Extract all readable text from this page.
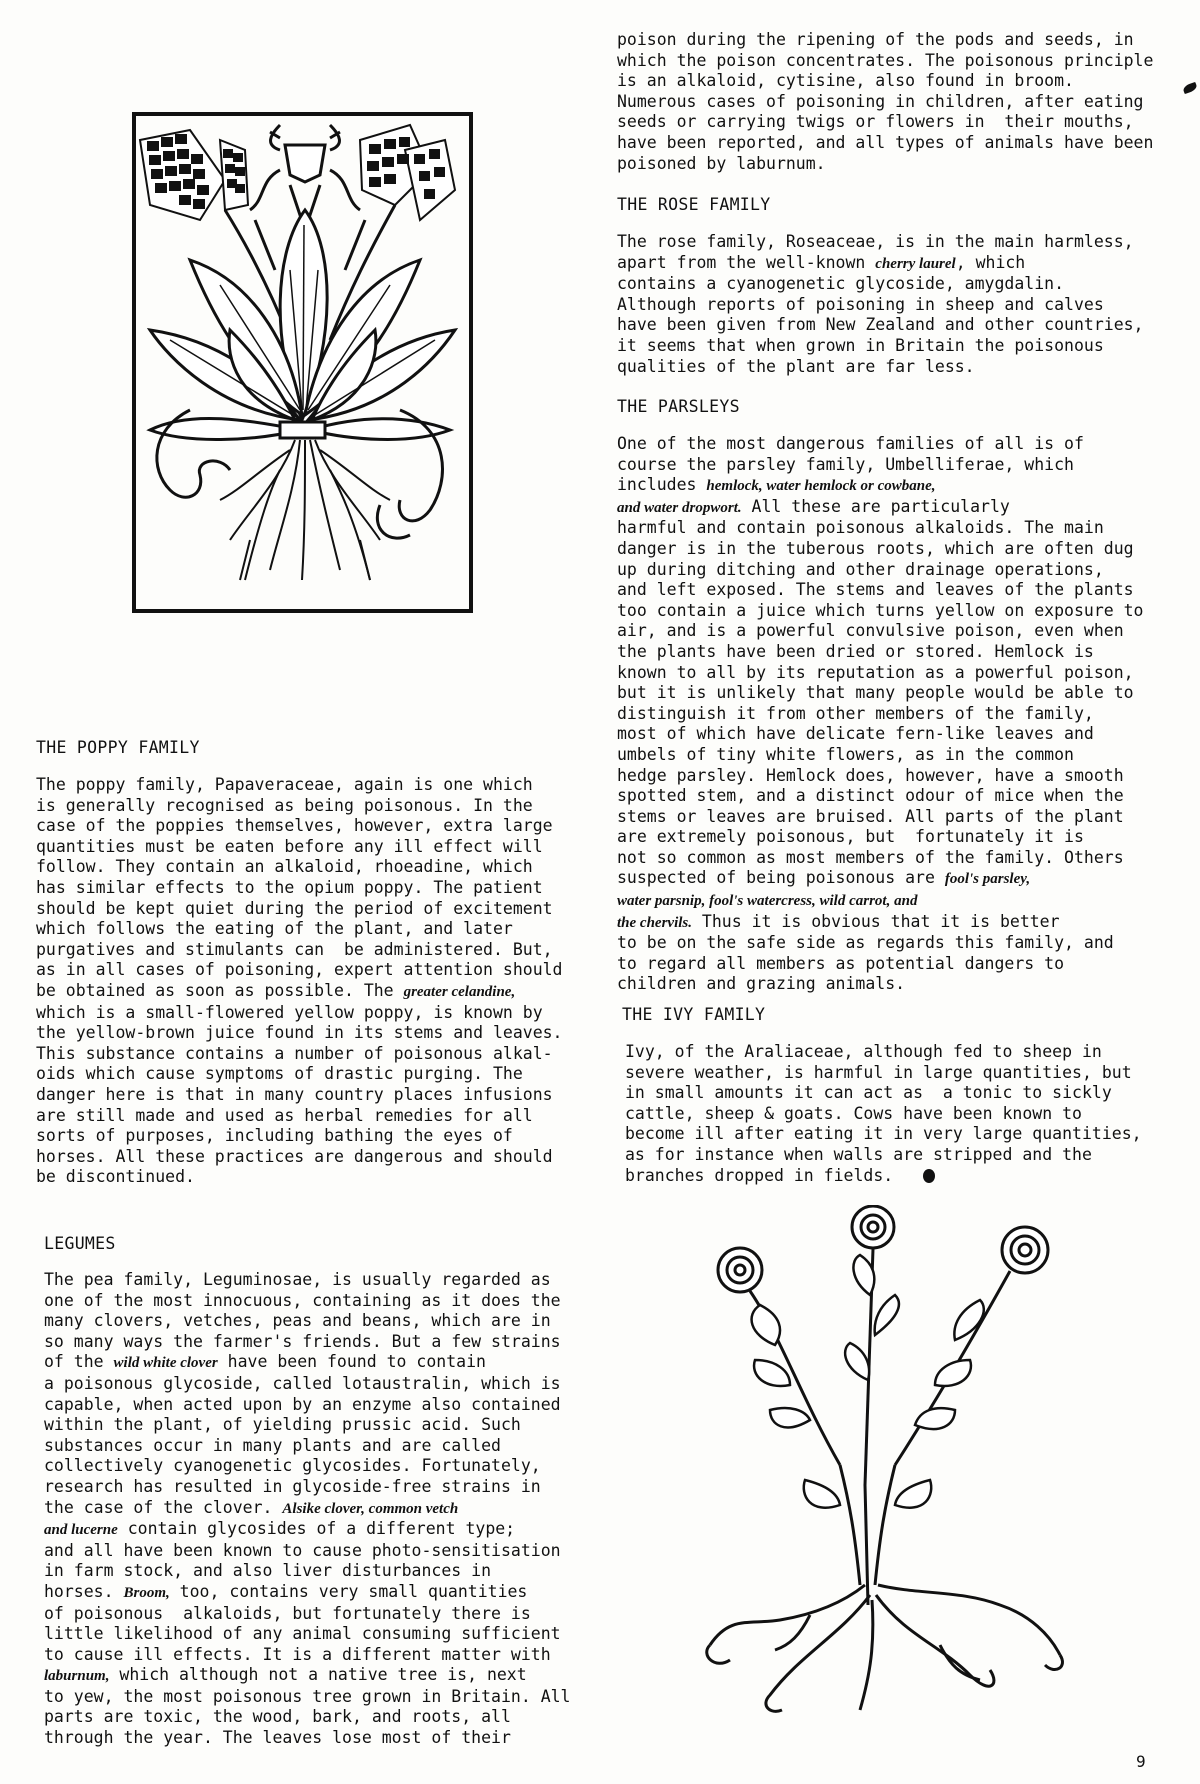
THE POPPY FAMILY

The poppy family, Papaveraceae, again is one which

is generally recognised as being poisonous. In the

case of the poppies themselves, however, extra large

quantities must be eaten before any ill effect will

follow. They contain an alkaloid, rhoeadine, which

has similar effects to the opium poppy. The patient

should be kept quiet during the period of excitement

which follows the eating of the plant, and later

purgatives and stimulants can  be administered. But,

as in all cases of poisoning, expert attention should

be obtained as soon as possible. The greater celandine,

which is a small-flowered yellow poppy, is known by

the yellow-brown juice found in its stems and leaves.

This substance contains a number of poisonous alkal-

oids which cause symptoms of drastic purging. The

danger here is that in many country places infusions

are still made and used as herbal remedies for all

sorts of purposes, including bathing the eyes of

horses. All these practices are dangerous and should

be discontinued.

LEGUMES

The pea family, Leguminosae, is usually regarded as

one of the most innocuous, containing as it does the

many clovers, vetches, peas and beans, which are in

so many ways the farmer's friends. But a few strains

of the wild white clover have been found to contain

a poisonous glycoside, called lotaustralin, which is

capable, when acted upon by an enzyme also contained

within the plant, of yielding prussic acid. Such

substances occur in many plants and are called

collectively cyanogenetic glycosides. Fortunately,

research has resulted in glycoside-free strains in

the case of the clover. Alsike clover, common vetch

and lucerne contain glycosides of a different type;

and all have been known to cause photo-sensitisation

in farm stock, and also liver disturbances in

horses. Broom, too, contains very small quantities

of poisonous  alkaloids, but fortunately there is

little likelihood of any animal consuming sufficient

to cause ill effects. It is a different matter with

laburnum, which although not a native tree is, next

to yew, the most poisonous tree grown in Britain. All

parts are toxic, the wood, bark, and roots, all

through the year. The leaves lose most of their

poison during the ripening of the pods and seeds, in

which the poison concentrates. The poisonous principle

is an alkaloid, cytisine, also found in broom.

Numerous cases of poisoning in children, after eating

seeds or carrying twigs or flowers in  their mouths,

have been reported, and all types of animals have been

poisoned by laburnum.

THE ROSE FAMILY

The rose family, Roseaceae, is in the main harmless,

apart from the well-known cherry laurel, which

contains a cyanogenetic glycoside, amygdalin.

Although reports of poisoning in sheep and calves

have been given from New Zealand and other countries,

it seems that when grown in Britain the poisonous

qualities of the plant are far less.

THE PARSLEYS

One of the most dangerous families of all is of

course the parsley family, Umbelliferae, which

includes hemlock, water hemlock or cowbane,

and water dropwort. All these are particularly

harmful and contain poisonous alkaloids. The main

danger is in the tuberous roots, which are often dug

up during ditching and other drainage operations,

and left exposed. The stems and leaves of the plants

too contain a juice which turns yellow on exposure to

air, and is a powerful convulsive poison, even when

the plants have been dried or stored. Hemlock is

known to all by its reputation as a powerful poison,

but it is unlikely that many people would be able to

distinguish it from other members of the family,

most of which have delicate fern-like leaves and

umbels of tiny white flowers, as in the common

hedge parsley. Hemlock does, however, have a smooth

spotted stem, and a distinct odour of mice when the

stems or leaves are bruised. All parts of the plant

are extremely poisonous, but  fortunately it is

not so common as most members of the family. Others

suspected of being poisonous are fool's parsley,

water parsnip, fool's watercress, wild carrot, and

the chervils. Thus it is obvious that it is better

to be on the safe side as regards this family, and

to regard all members as potential dangers to

children and grazing animals.

THE IVY FAMILY

Ivy, of the Araliaceae, although fed to sheep in

severe weather, is harmful in large quantities, but

in small amounts it can act as  a tonic to sickly

cattle, sheep & goats. Cows have been known to

become ill after eating it in very large quantities,

as for instance when walls are stripped and the

branches dropped in fields.

9
